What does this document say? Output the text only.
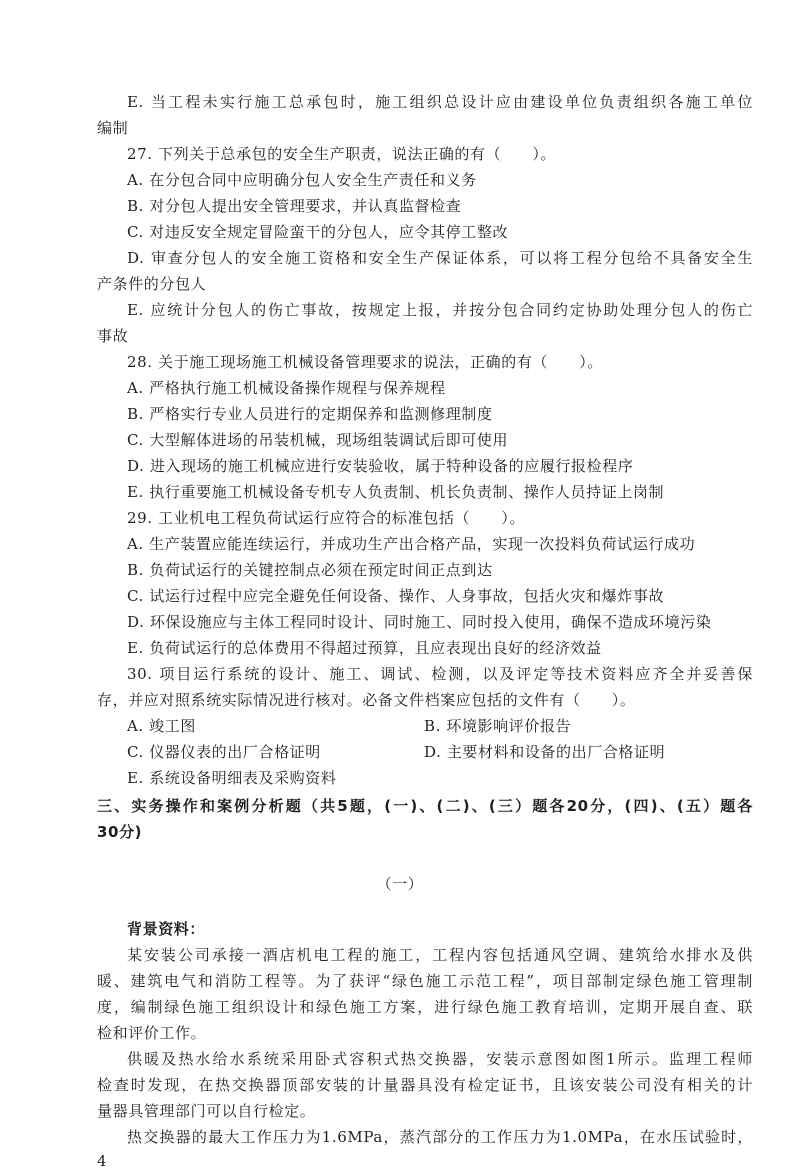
E. 当工程未实行施工总承包时，施工组织总设计应由建设单位负责组织各施工单位
编制
27. 下列关于总承包的安全生产职责，说法正确的有（　　）。
A. 在分包合同中应明确分包人安全生产责任和义务
B. 对分包人提出安全管理要求，并认真监督检查
C. 对违反安全规定冒险蛮干的分包人，应令其停工整改
D. 审查分包人的安全施工资格和安全生产保证体系，可以将工程分包给不具备安全生
产条件的分包人
E. 应统计分包人的伤亡事故，按规定上报，并按分包合同约定协助处理分包人的伤亡
事故
28. 关于施工现场施工机械设备管理要求的说法，正确的有（　　）。
A. 严格执行施工机械设备操作规程与保养规程
B. 严格实行专业人员进行的定期保养和监测修理制度
C. 大型解体进场的吊装机械，现场组装调试后即可使用
D. 进入现场的施工机械应进行安装验收，属于特种设备的应履行报检程序
E. 执行重要施工机械设备专机专人负责制、机长负责制、操作人员持证上岗制
29. 工业机电工程负荷试运行应符合的标准包括（　　）。
A. 生产装置应能连续运行，并成功生产出合格产品，实现一次投料负荷试运行成功
B. 负荷试运行的关键控制点必须在预定时间正点到达
C. 试运行过程中应完全避免任何设备、操作、人身事故，包括火灾和爆炸事故
D. 环保设施应与主体工程同时设计、同时施工、同时投入使用，确保不造成环境污染
E. 负荷试运行的总体费用不得超过预算，且应表现出良好的经济效益
30. 项目运行系统的设计、施工、调试、检测，以及评定等技术资料应齐全并妥善保
存，并应对照系统实际情况进行核对。必备文件档案应包括的文件有（　　）。
A. 竣工图	B. 环境影响评价报告
C. 仪器仪表的出厂合格证明	D. 主要材料和设备的出厂合格证明
E. 系统设备明细表及采购资料
三、实务操作和案例分析题（共5题，(一)、(二)、(三）题各20分，(四)、(五）题各
30分)
（一）
背景资料：
某安装公司承接一酒店机电工程的施工，工程内容包括通风空调、建筑给水排水及供
暖、建筑电气和消防工程等。为了获评“绿色施工示范工程”，项目部制定绿色施工管理制
度，编制绿色施工组织设计和绿色施工方案，进行绿色施工教育培训，定期开展自查、联
检和评价工作。
供暖及热水给水系统采用卧式容积式热交换器，安装示意图如图1所示。监理工程师
检查时发现，在热交换器顶部安装的计量器具没有检定证书，且该安装公司没有相关的计
量器具管理部门可以自行检定。
热交换器的最大工作压力为1.6MPa，蒸汽部分的工作压力为1.0MPa，在水压试验时，
4
